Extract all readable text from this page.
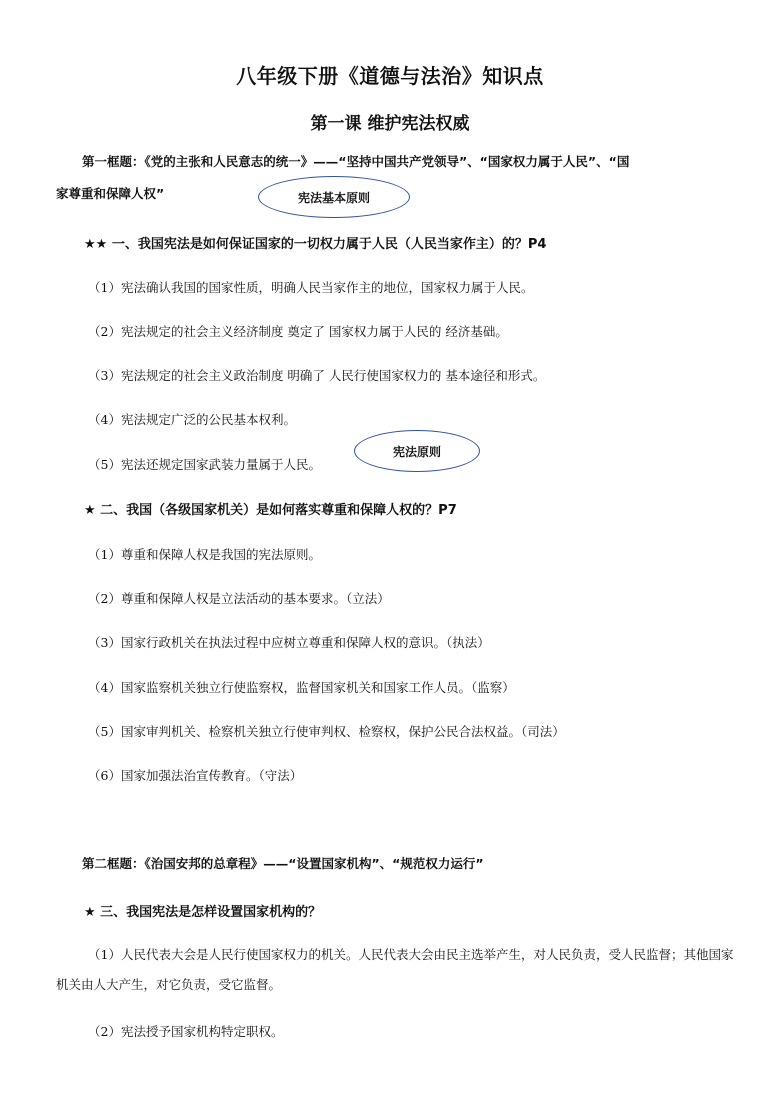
八年级下册《道德与法治》知识点
第一课 维护宪法权威
第一框题：《党的主张和人民意志的统一》——“坚持中国共产党领导”、“国家权力属于人民”、“国
家尊重和保障人权”	宪法基本原则
★★ 一、我国宪法是如何保证国家的一切权力属于人民（人民当家作主）的？P4
（1）宪法确认我国的国家性质，明确人民当家作主的地位，国家权力属于人民。
（2）宪法规定的社会主义经济制度 奠定了 国家权力属于人民的 经济基础。
（3）宪法规定的社会主义政治制度 明确了 人民行使国家权力的 基本途径和形式。
（4）宪法规定广泛的公民基本权利。
（5）宪法还规定国家武装力量属于人民。
宪法原则
★ 二、我国（各级国家机关）是如何落实尊重和保障人权的？P7
（1）尊重和保障人权是我国的宪法原则。
（2）尊重和保障人权是立法活动的基本要求。（立法）
（3）国家行政机关在执法过程中应树立尊重和保障人权的意识。（执法）
（4）国家监察机关独立行使监察权，监督国家机关和国家工作人员。（监察）
（5）国家审判机关、检察机关独立行使审判权、检察权，保护公民合法权益。（司法）
（6）国家加强法治宣传教育。（守法）
第二框题：《治国安邦的总章程》——“设置国家机构”、“规范权力运行”
★ 三、我国宪法是怎样设置国家机构的？
（1）人民代表大会是人民行使国家权力的机关。人民代表大会由民主选举产生，对人民负责，受人民监督；其他国家机关由人大产生，对它负责，受它监督。
（2）宪法授予国家机构特定职权。
